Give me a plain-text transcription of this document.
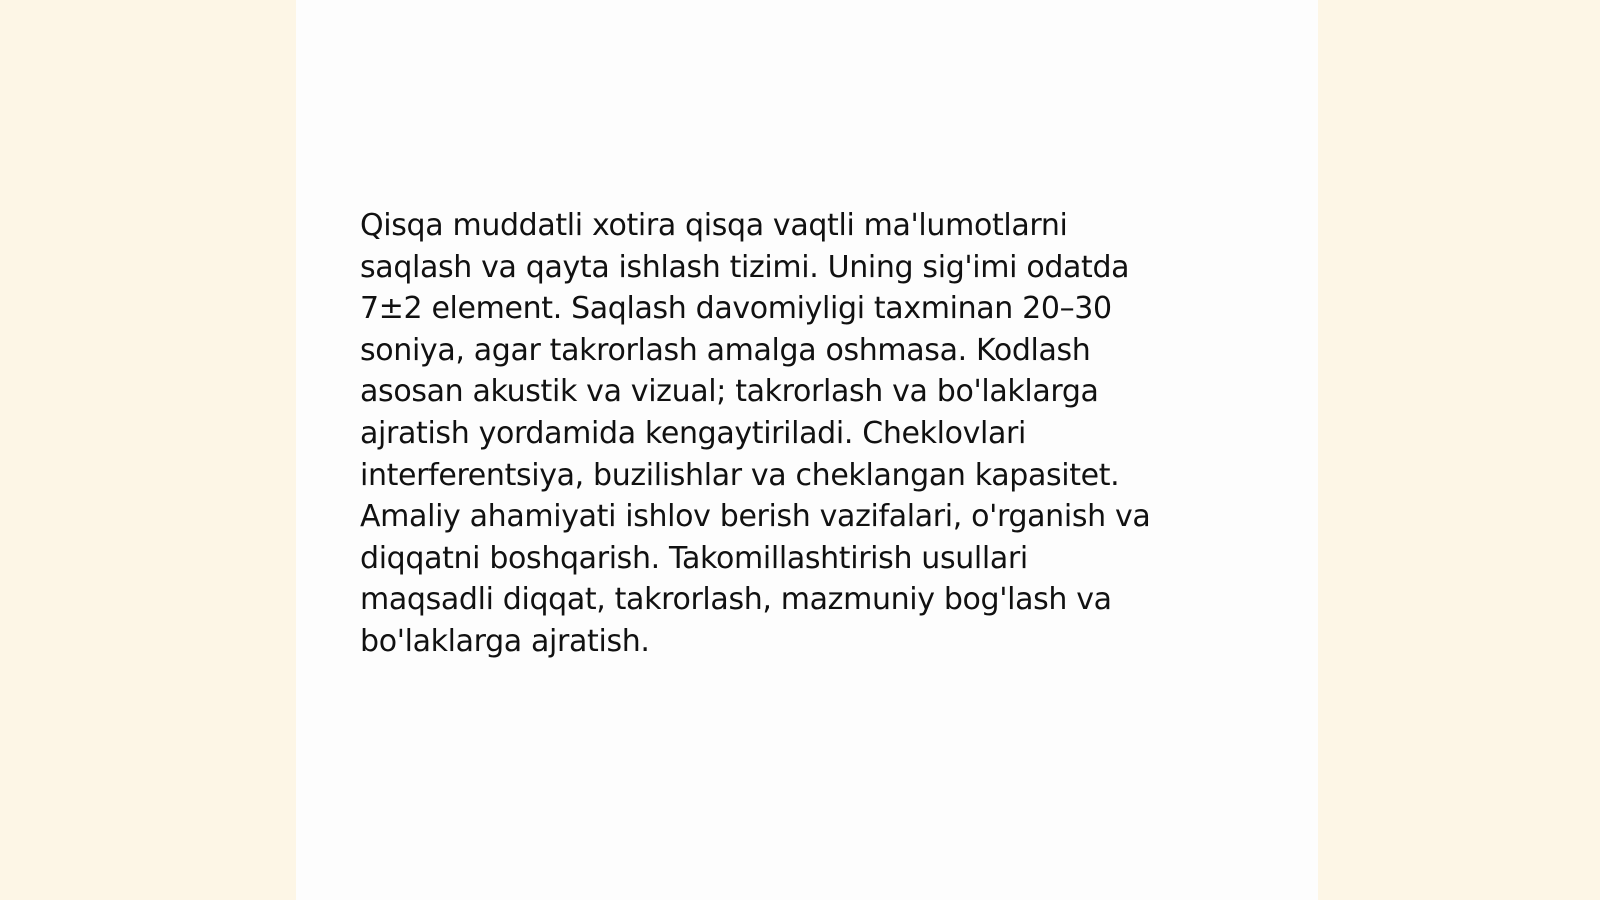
Qisqa muddatli xotira qisqa vaqtli ma'lumotlarni
saqlash va qayta ishlash tizimi. Uning sig'imi odatda
7±2 element. Saqlash davomiyligi taxminan 20–30
soniya, agar takrorlash amalga oshmasa. Kodlash
asosan akustik va vizual; takrorlash va bo'laklarga
ajratish yordamida kengaytiriladi. Cheklovlari
interferentsiya, buzilishlar va cheklangan kapasitet.
Amaliy ahamiyati ishlov berish vazifalari, o'rganish va
diqqatni boshqarish. Takomillashtirish usullari
maqsadli diqqat, takrorlash, mazmuniy bog'lash va
bo'laklarga ajratish.
